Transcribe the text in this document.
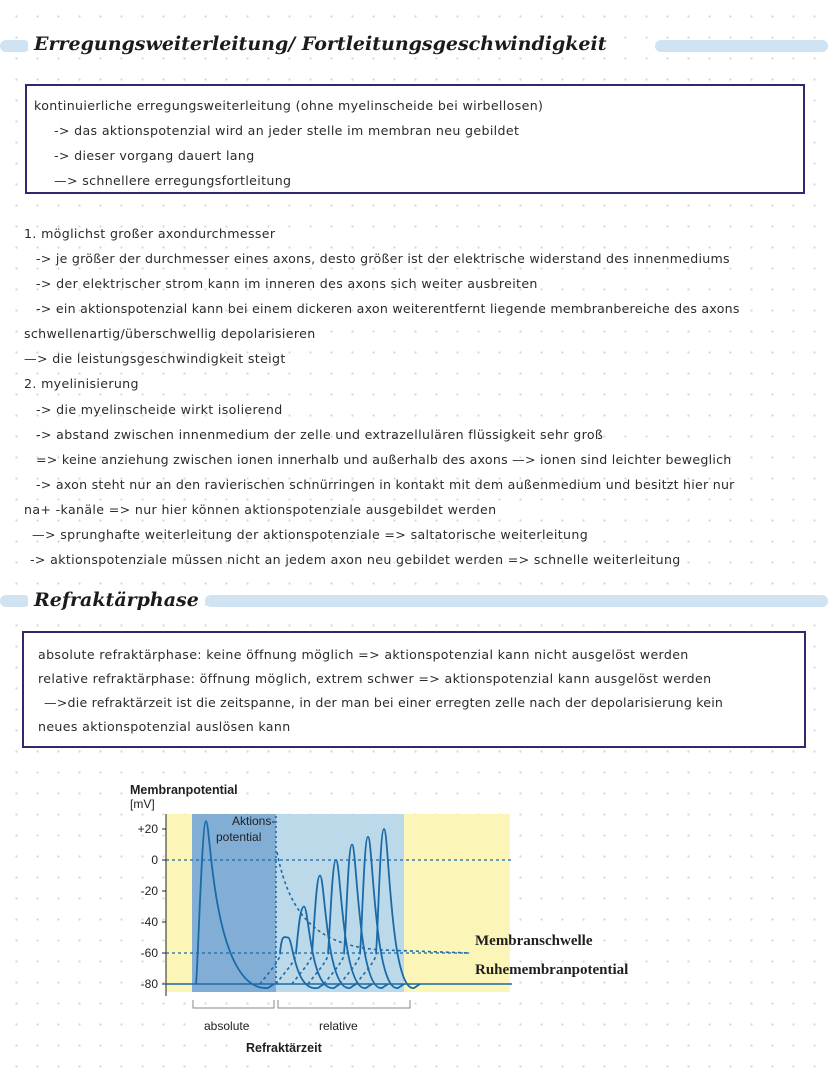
Erregungsweiterleitung/ Fortleitungsgeschwindigkeit
kontinuierliche erregungsweiterleitung (ohne myelinscheide bei wirbellosen)
-> das aktionspotenzial wird an jeder stelle im membran neu gebildet
-> dieser vorgang dauert lang
—> schnellere erregungsfortleitung
1. möglichst großer axondurchmesser
-> je größer der durchmesser eines axons, desto größer ist der elektrische widerstand des innenmediums
-> der elektrischer strom kann im inneren des axons sich weiter ausbreiten
-> ein aktionspotenzial kann bei einem dickeren axon weiterentfernt liegende membranbereiche des axons
schwellenartig/überschwellig depolarisieren
—> die leistungsgeschwindigkeit steigt
2. myelinisierung
-> die myelinscheide wirkt isolierend
-> abstand zwischen innenmedium der zelle und extrazellulären flüssigkeit sehr groß
=> keine anziehung zwischen ionen innerhalb und außerhalb des axons —> ionen sind leichter beweglich
-> axon steht nur an den ravierischen schnürringen in kontakt mit dem außenmedium und besitzt hier nur
na+ -kanäle => nur hier können aktionspotenziale ausgebildet werden
—> sprunghafte weiterleitung der aktionspotenziale => saltatorische weiterleitung
-> aktionspotenziale müssen nicht an jedem axon neu gebildet werden => schnelle weiterleitung
Refraktärphase
absolute refraktärphase: keine öffnung möglich => aktionspotenzial kann nicht ausgelöst werden
relative refraktärphase: öffnung möglich, extrem schwer => aktionspotenzial kann ausgelöst werden
—>die refraktärzeit ist die zeitspanne, in der man bei einer erregten zelle nach der depolarisierung kein
neues aktionspotenzial auslösen kann
+20
0
-20
-40
-60
-80
Membranpotential
[mV]
Aktions-
potential
Membranschwelle
Ruhemembranpotential
absolute	relative
Refraktärzeit
